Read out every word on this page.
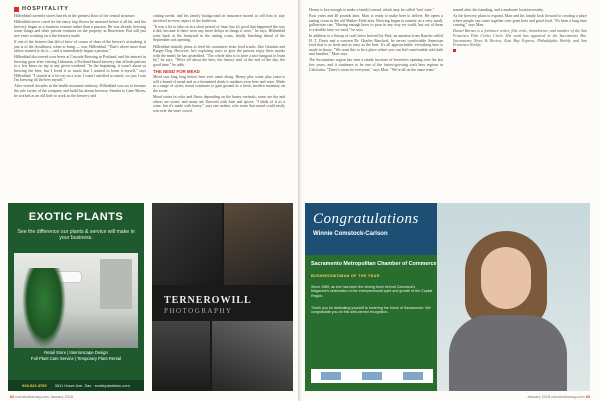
HOSPITALITY

Hillenblad currently stores barrels in the greatest floor of the central structure.

Hillenblad never cared for the fancy hop flower he assessed before it all hit, and the brewery began as a business venture rather than a passion. He was already brewing some things and other private ventures on the property in Beaverton. But still just tree years working on it the brewery made.

If one of the fixtures that did of brew of course of dues of the brewer's at making, it just is of the cloudburst, when to bring — was, Hillenblad, "That's where more than others wanted to do it — and it immediately began a passion."

Hillenblad discovered sour beers at Cascade Brewing in Portland, and his interest in brewing grew after visiting Lithuania, a Portland-based brewery that affords patrons to a few beers on tap at any given weekend. "In the beginning, it wasn't about us brewing the beer, but I loved it so much that I wanted to learn it myself," says Hillenblad. "I started at it for too on a year. I wasn't satisfied so much; we just I was I'm brewing all the beer myself."

After several decades in the health insurance industry, Hillenblad was set to become the sole owner of the company and build his dream brewery. Similar to Cane Mores, he worked as an old hole to work as the brewery and

cutting needs, and his family background in insurance turned to sell him to stay involved in every aspect of the build-out.

"It was a lot to take on in a short period of time, but it's good that happened the way it did, because if there were any more delays in things it were," he says. Hillenblad went back at his farmyard in the tasting room, finally finishing ahead of the September soft opening.

Hillenblad initially plans to feed his customers from food trucks, like Giuntini and Burger Dog. However, he's exploring ways to give the patrons enjoy their snacks with the meals he has assembled. "The whole idea is to have a nice hangout to learn by," he says. "We're all about the beer, the history and, at the end of the day, the good time," he adds.

THE NEED FOR MEAD

Mead was king long before beer ever came along. Honey plus water plus yeast is still a brand of mead and as a fermented drink it outdates even beer and wine. Made in a range of styles, mead continues to gain ground as a fresh, modern mainstay on the scene.

Mead varies in color and flavor depending on the honey varietals; some are dry and others are sweet, and many are flavored with fruit and spices. "I think of it as a wine, but it's made with honey," says one maker, who notes that mead could easily win over the wine crowd.

EXOTIC PLANTS
See the difference our plants & service will make in your business.
Retail Store | Interiorscape Design
Full Plant Care Service | Temporary Plant Rental
916.922.4769 3511 Howe Ave. Sac · exoticplantsinc.com
TERNEROWILL
PHOTOGRAPHY
62 comstocksmag.com January 2018

Honey is key enough to make a family's mead, which may be called "mel wine."

Four years and 40 pounds later, Marr is ready to make beer to deliver. He opens a tasting room in the old Mather Field area. Brewing began in earnest on a very small, gallon-size run. "Having enough brew to pour in any way we could, but out of them is a double fairy we used," he says.

In addition to a lineup of craft beers brewed by Paul, an amateur from Rancho called H. T. Davis and a concern Dr. Charles Bassford, he serves comfortable American food that is as fresh and as tasty as the beer. It's all approachable: everything here is made in house. "We want this to be a place where you can feel comfortable with kids and families," Marr says.

The Sacramento region has seen a steady increase of breweries opening over the last few years, and it continues to be one of the fastest-growing craft beer regions in California. "There's room for everyone," says Marr. "We're all on the same team."

named after the founding, and a moderate location nearby.

As the brewery plans to expand, Marr and his family look forward to creating a place where people can come together over great beer and good food. "It's been a long time coming," says Marr.

Daniel Barnes is a freelance writer, film critic, homebrewer and member of the San Francisco Film Critics Circle. His work has appeared in the Sacramento Bee, Sacramento News & Review, East Bay Express, Philadelphia Weekly and San Francisco Weekly.

Congratulations
Winnie Comstock-Carlson
Sacramento Metropolitan Chamber of Commerce
BUSINESSWOMAN OF THE YEAR
Since 1989, as she has been the driving force behind Comstock's Magazine's celebration of the entrepreneurial spirit and growth of the Capital Region.
Thank you for dedicating yourself to fostering the future of Sacramento. We congratulate you on this well-earned recognition.
January 2018 comstocksmag.com 63
